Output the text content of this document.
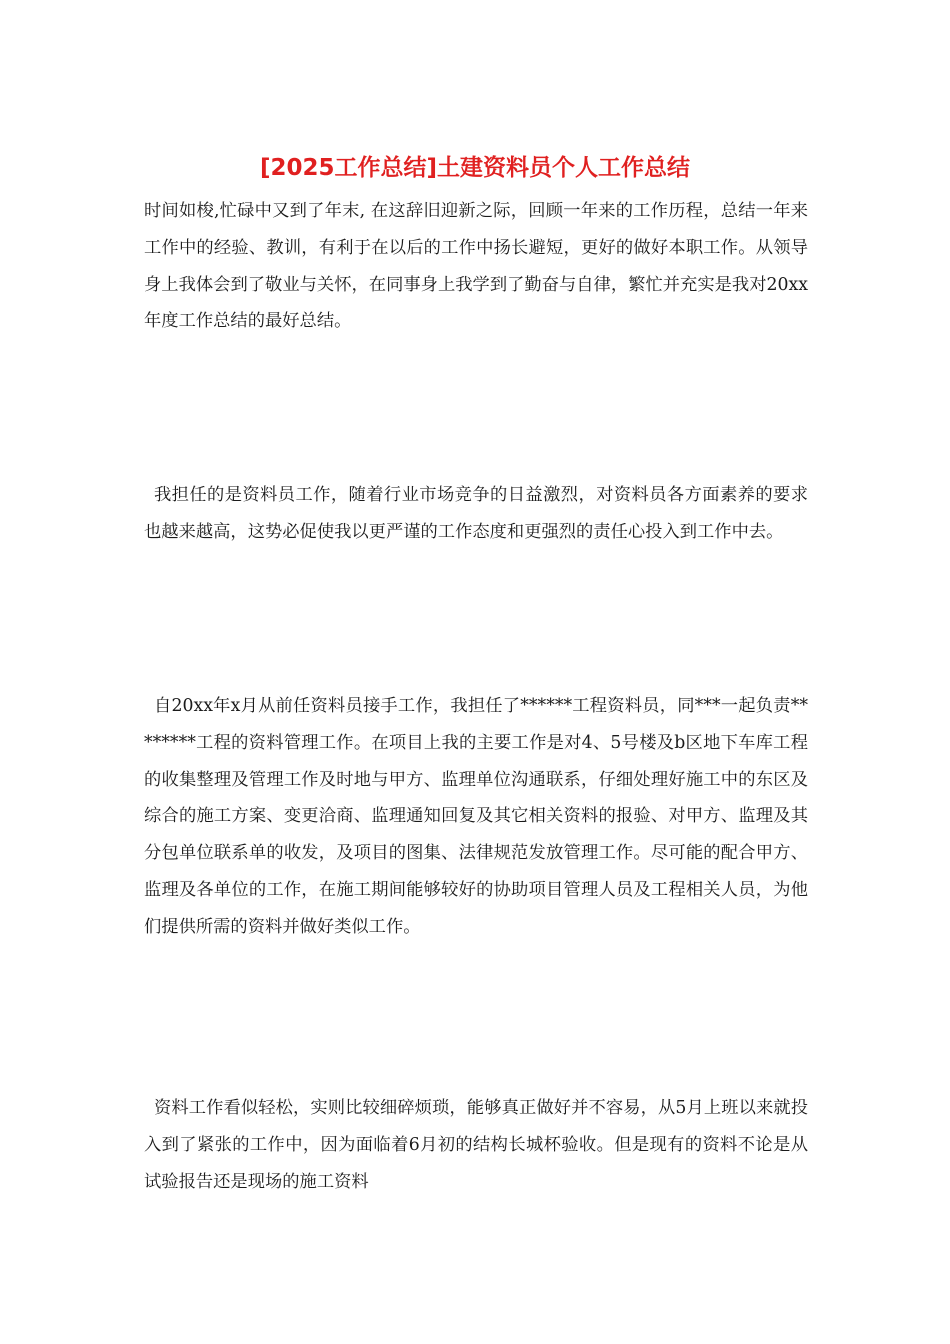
[2025工作总结]土建资料员个人工作总结

时间如梭,忙碌中又到了年末, 在这辞旧迎新之际，回顾一年来的工作历程，总结一年来工作中的经验、教训，有利于在以后的工作中扬长避短，更好的做好本职工作。从领导身上我体会到了敬业与关怀，在同事身上我学到了勤奋与自律，繁忙并充实是我对20xx年度工作总结的最好总结。

我担任的是资料员工作，随着行业市场竞争的日益激烈，对资料员各方面素养的要求也越来越高，这势必促使我以更严谨的工作态度和更强烈的责任心投入到工作中去。

自20xx年x月从前任资料员接手工作，我担任了******工程资料员，同***一起负责********工程的资料管理工作。在项目上我的主要工作是对4、5号楼及b区地下车库工程的收集整理及管理工作及时地与甲方、监理单位沟通联系，仔细处理好施工中的东区及综合的施工方案、变更洽商、监理通知回复及其它相关资料的报验、对甲方、监理及其分包单位联系单的收发，及项目的图集、法律规范发放管理工作。尽可能的配合甲方、监理及各单位的工作，在施工期间能够较好的协助项目管理人员及工程相关人员，为他们提供所需的资料并做好类似工作。

资料工作看似轻松，实则比较细碎烦琐，能够真正做好并不容易，从5月上班以来就投入到了紧张的工作中，因为面临着6月初的结构长城杯验收。但是现有的资料不论是从试验报告还是现场的施工资料
